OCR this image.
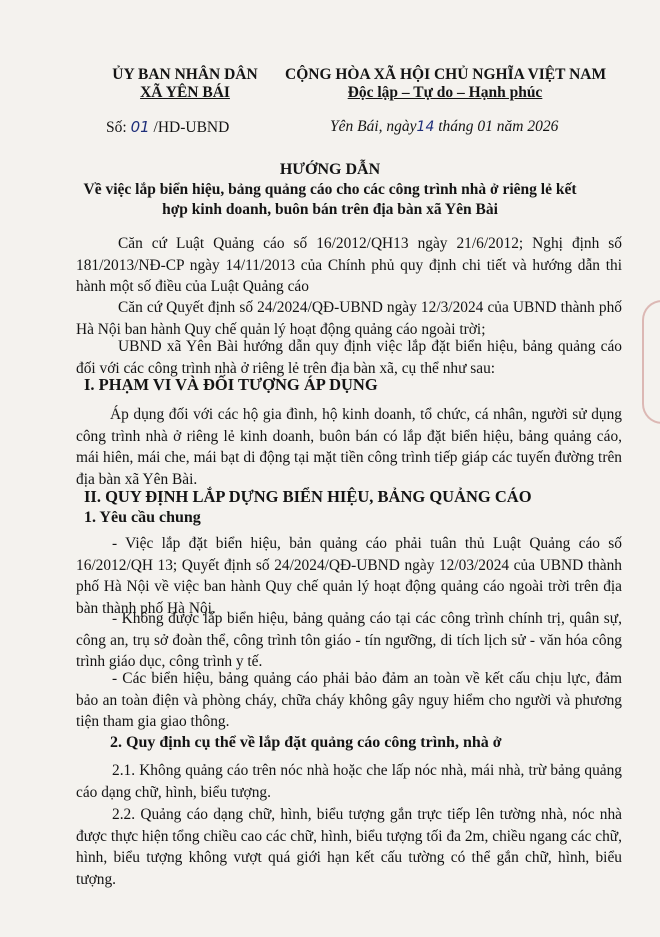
ỦY BAN NHÂN DÂN
XÃ YÊN BÁI
CỘNG HÒA XÃ HỘI CHỦ NGHĨA VIỆT NAM
Độc lập – Tự do – Hạnh phúc
Số: 01 /HD-UBND	Yên Bái, ngày14 tháng 01 năm 2026
HƯỚNG DẪN
Về việc lắp biển hiệu, bảng quảng cáo cho các công trình nhà ở riêng lẻ kết
hợp kinh doanh, buôn bán trên địa bàn xã Yên Bài
Căn cứ Luật Quảng cáo số 16/2012/QH13 ngày 21/6/2012; Nghị định số 181/2013/NĐ-CP ngày 14/11/2013 của Chính phủ quy định chi tiết và hướng dẫn thi hành một số điều của Luật Quảng cáo
Căn cứ Quyết định số 24/2024/QĐ-UBND ngày 12/3/2024 của UBND thành phố Hà Nội ban hành Quy chế quản lý hoạt động quảng cáo ngoài trời;
UBND xã Yên Bài hướng dẫn quy định việc lắp đặt biển hiệu, bảng quảng cáo đối với các công trình nhà ở riêng lẻ trên địa bàn xã, cụ thể như sau:
I. PHẠM VI VÀ ĐỐI TƯỢNG ÁP DỤNG
Áp dụng đối với các hộ gia đình, hộ kinh doanh, tổ chức, cá nhân, người sử dụng công trình nhà ở riêng lẻ kinh doanh, buôn bán có lắp đặt biển hiệu, bảng quảng cáo, mái hiên, mái che, mái bạt di động tại mặt tiền công trình tiếp giáp các tuyến đường trên địa bàn xã Yên Bài.
II. QUY ĐỊNH LẮP DỰNG BIỂN HIỆU, BẢNG QUẢNG CÁO
1. Yêu cầu chung
- Việc lắp đặt biển hiệu, bản quảng cáo phải tuân thủ Luật Quảng cáo số 16/2012/QH 13; Quyết định số 24/2024/QĐ-UBND ngày 12/03/2024 của UBND thành phố Hà Nội về việc ban hành Quy chế quản lý hoạt động quảng cáo ngoài trời trên địa bàn thành phố Hà Nội.
- Không được lắp biển hiệu, bảng quảng cáo tại các công trình chính trị, quân sự, công an, trụ sở đoàn thể, công trình tôn giáo - tín ngưỡng, di tích lịch sử - văn hóa công trình giáo dục, công trình y tế.
- Các biển hiệu, bảng quảng cáo phải bảo đảm an toàn về kết cấu chịu lực, đảm bảo an toàn điện và phòng cháy, chữa cháy không gây nguy hiểm cho người và phương tiện tham gia giao thông.
2. Quy định cụ thể về lắp đặt quảng cáo công trình, nhà ở
2.1. Không quảng cáo trên nóc nhà hoặc che lấp nóc nhà, mái nhà, trừ bảng quảng cáo dạng chữ, hình, biểu tượng.
2.2. Quảng cáo dạng chữ, hình, biểu tượng gắn trực tiếp lên tường nhà, nóc nhà được thực hiện tổng chiều cao các chữ, hình, biểu tượng tối đa 2m, chiều ngang các chữ, hình, biểu tượng không vượt quá giới hạn kết cấu tường có thể gắn chữ, hình, biểu tượng.
